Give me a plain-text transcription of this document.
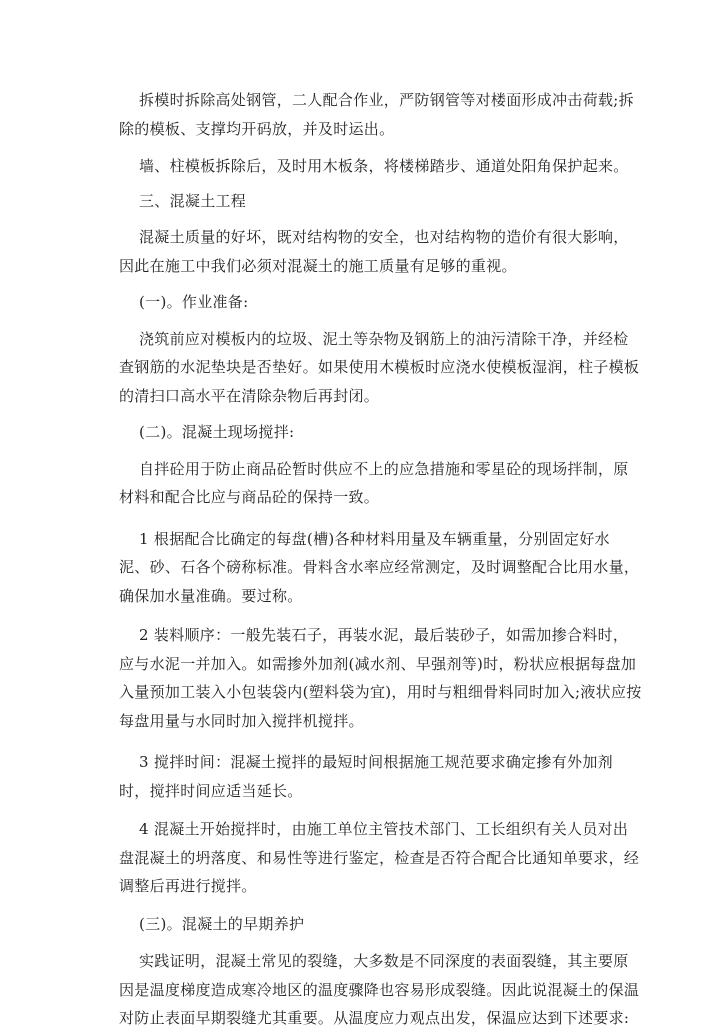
拆模时拆除高处钢管，二人配合作业，严防钢管等对楼面形成冲击荷载;拆
除的模板、支撑均开码放，并及时运出。
墙、柱模板拆除后，及时用木板条，将楼梯踏步、通道处阳角保护起来。
三、混凝土工程
混凝土质量的好坏，既对结构物的安全，也对结构物的造价有很大影响，
因此在施工中我们必须对混凝土的施工质量有足够的重视。
(一)。作业准备:
浇筑前应对模板内的垃圾、泥土等杂物及钢筋上的油污清除干净，并经检
查钢筋的水泥垫块是否垫好。如果使用木模板时应浇水使模板湿润，柱子模板
的清扫口高水平在清除杂物后再封闭。
(二)。混凝土现场搅拌:
自拌砼用于防止商品砼暂时供应不上的应急措施和零星砼的现场拌制，原
材料和配合比应与商品砼的保持一致。
1 根据配合比确定的每盘(槽)各种材料用量及车辆重量，分别固定好水
泥、砂、石各个磅称标准。骨料含水率应经常测定，及时调整配合比用水量，
确保加水量准确。要过称。
2 装料顺序：一般先装石子，再装水泥，最后装砂子，如需加掺合料时，
应与水泥一并加入。如需掺外加剂(减水剂、早强剂等)时，粉状应根据每盘加
入量预加工装入小包装袋内(塑料袋为宜)，用时与粗细骨料同时加入;液状应按
每盘用量与水同时加入搅拌机搅拌。
3 搅拌时间：混凝土搅拌的最短时间根据施工规范要求确定掺有外加剂
时，搅拌时间应适当延长。
4 混凝土开始搅拌时，由施工单位主管技术部门、工长组织有关人员对出
盘混凝土的坍落度、和易性等进行鉴定，检查是否符合配合比通知单要求，经
调整后再进行搅拌。
(三)。混凝土的早期养护
实践证明，混凝土常见的裂缝，大多数是不同深度的表面裂缝，其主要原
因是温度梯度造成寒冷地区的温度骤降也容易形成裂缝。因此说混凝土的保温
对防止表面早期裂缝尤其重要。从温度应力观点出发，保温应达到下述要求:
